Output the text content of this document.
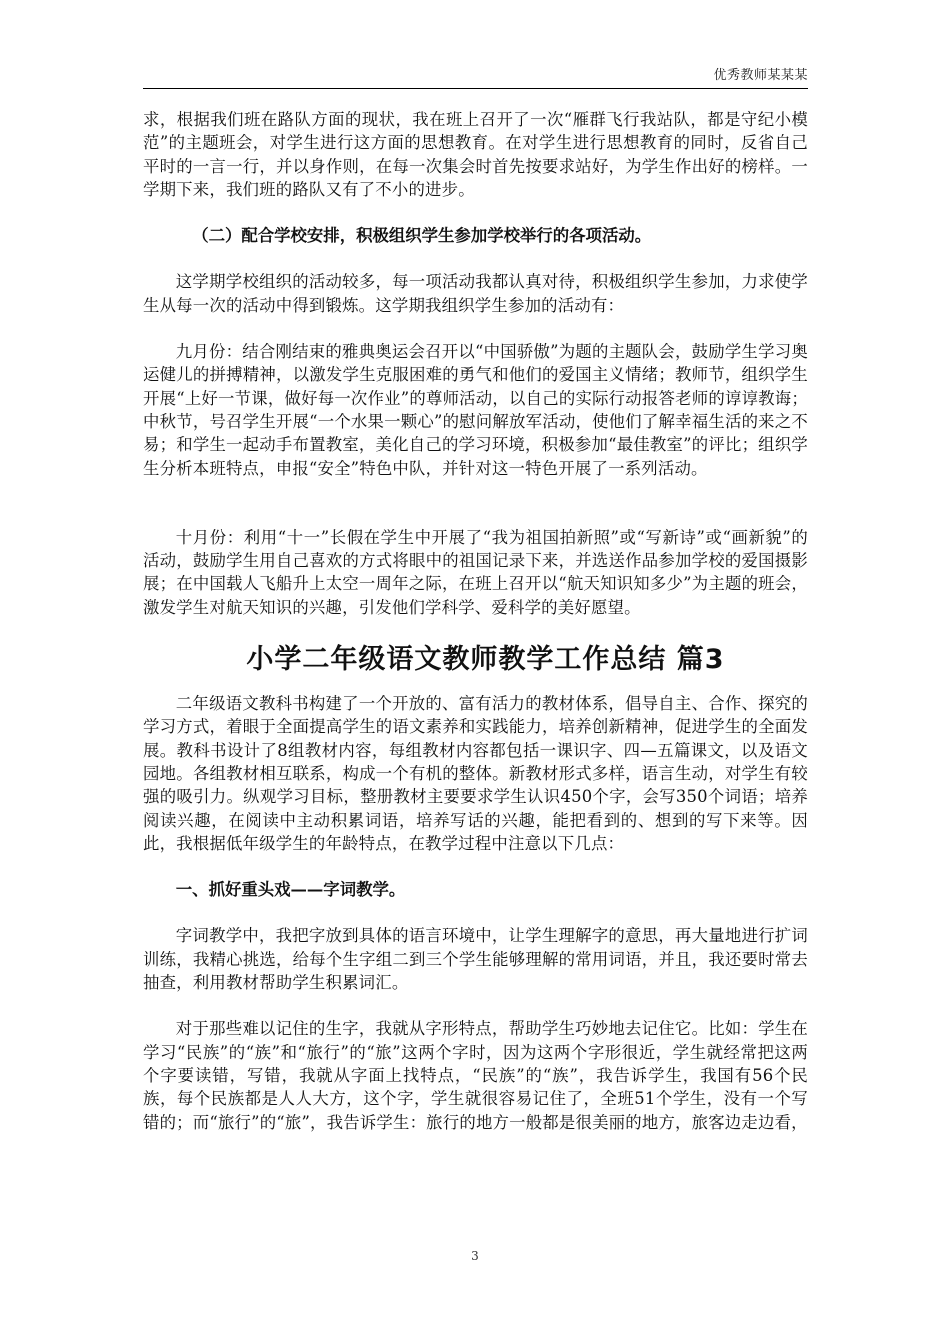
优秀教师某某某

求，根据我们班在路队方面的现状，我在班上召开了一次“雁群飞行我站队，都是守纪小模范”的主题班会，对学生进行这方面的思想教育。在对学生进行思想教育的同时，反省自己平时的一言一行，并以身作则，在每一次集会时首先按要求站好，为学生作出好的榜样。一学期下来，我们班的路队又有了不小的进步。

（二）配合学校安排，积极组织学生参加学校举行的各项活动。

这学期学校组织的活动较多，每一项活动我都认真对待，积极组织学生参加，力求使学生从每一次的活动中得到锻炼。这学期我组织学生参加的活动有：

九月份：结合刚结束的雅典奥运会召开以“中国骄傲”为题的主题队会，鼓励学生学习奥运健儿的拼搏精神，以激发学生克服困难的勇气和他们的爱国主义情绪；教师节，组织学生开展“上好一节课，做好每一次作业”的尊师活动，以自己的实际行动报答老师的谆谆教诲；中秋节，号召学生开展“一个水果一颗心”的慰问解放军活动，使他们了解幸福生活的来之不易；和学生一起动手布置教室，美化自己的学习环境，积极参加“最佳教室”的评比；组织学生分析本班特点，申报“安全”特色中队，并针对这一特色开展了一系列活动。

十月份：利用“十一”长假在学生中开展了“我为祖国拍新照”或“写新诗”或“画新貌”的活动，鼓励学生用自己喜欢的方式将眼中的祖国记录下来，并选送作品参加学校的爱国摄影展；在中国载人飞船升上太空一周年之际，在班上召开以“航天知识知多少”为主题的班会，激发学生对航天知识的兴趣，引发他们学科学、爱科学的美好愿望。

小学二年级语文教师教学工作总结 篇3

二年级语文教科书构建了一个开放的、富有活力的教材体系，倡导自主、合作、探究的学习方式，着眼于全面提高学生的语文素养和实践能力，培养创新精神，促进学生的全面发展。教科书设计了8组教材内容，每组教材内容都包括一课识字、四—五篇课文，以及语文园地。各组教材相互联系，构成一个有机的整体。新教材形式多样，语言生动，对学生有较强的吸引力。纵观学习目标，整册教材主要要求学生认识450个字，会写350个词语；培养阅读兴趣，在阅读中主动积累词语，培养写话的兴趣，能把看到的、想到的写下来等。因此，我根据低年级学生的年龄特点，在教学过程中注意以下几点：

一、抓好重头戏——字词教学。

字词教学中，我把字放到具体的语言环境中，让学生理解字的意思，再大量地进行扩词训练，我精心挑选，给每个生字组二到三个学生能够理解的常用词语，并且，我还要时常去抽查，利用教材帮助学生积累词汇。

对于那些难以记住的生字，我就从字形特点，帮助学生巧妙地去记住它。比如：学生在学习“民族”的“族”和“旅行”的“旅”这两个字时，因为这两个字形很近，学生就经常把这两个字要读错，写错，我就从字面上找特点，“民族”的“族”，我告诉学生，我国有56个民族，每个民族都是人人大方，这个字，学生就很容易记住了，全班51个学生，没有一个写错的；而“旅行”的“旅”，我告诉学生：旅行的地方一般都是很美丽的地方，旅客边走边看，

3
